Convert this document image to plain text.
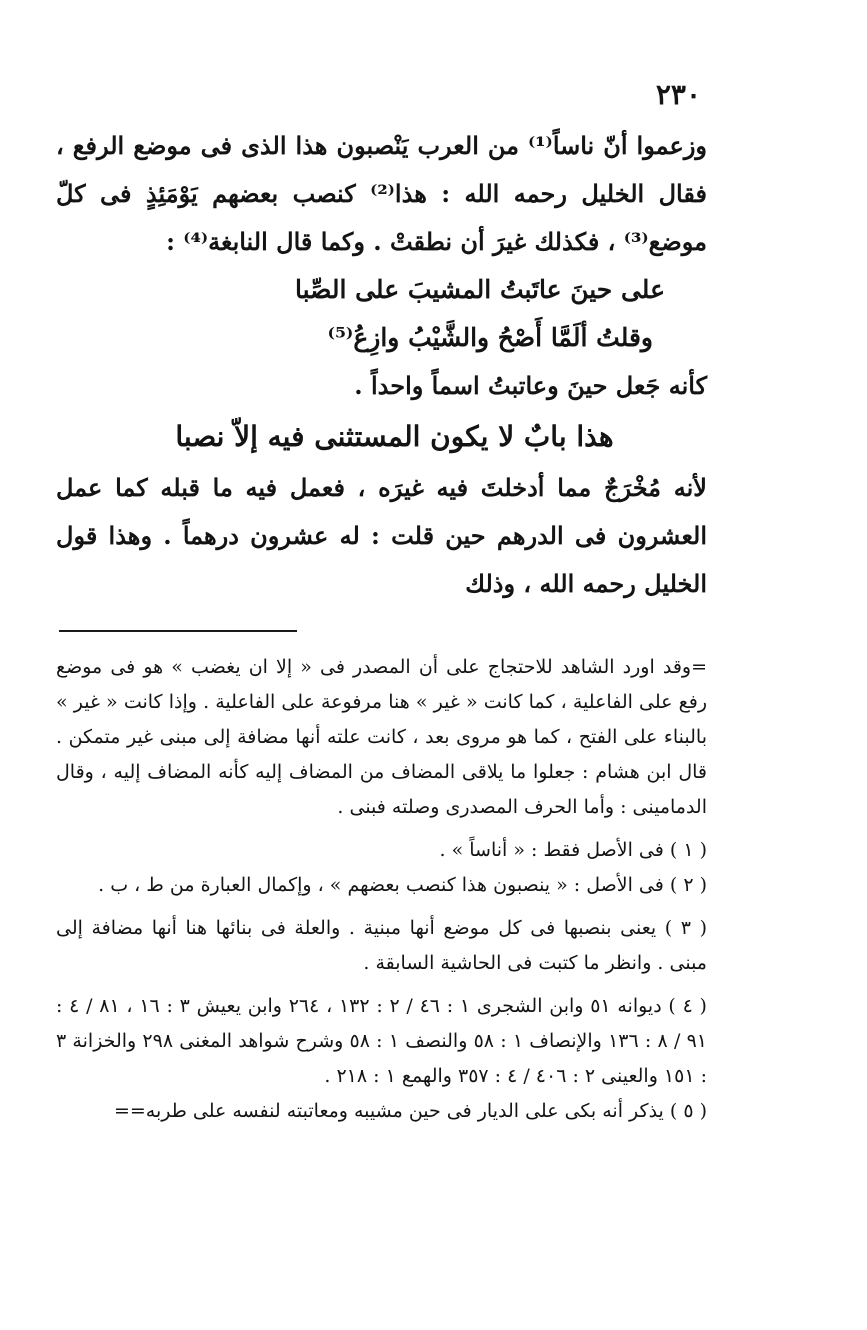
٢٣٠

وزعموا أنّ ناساً⁽¹⁾ من العرب يَنْصبون هذا الذى فى موضع الرفع ، فقال الخليل رحمه الله : هذا⁽²⁾ كنصب بعضهم يَوْمَئِذٍ فى كلّ موضع⁽³⁾ ، فكذلك غيرَ أن نطقتْ . وكما قال النابغة⁽⁴⁾ :

على حينَ عاتَبتُ المشيبَ على الصِّبا

وقلتُ ألَمَّا أَصْحُ والشَّيْبُ وازِعُ⁽⁵⁾

كأنه جَعل حينَ وعاتبتُ اسماً واحداً .

هذا بابٌ لا يكون المستثنى فيه إلاّ نصبا

لأنه مُخْرَجٌ مما أدخلتَ فيه غيرَه ، فعمل فيه ما قبله كما عمل العشرون فى الدرهم حين قلت : له عشرون درهماً . وهذا قول الخليل رحمه الله ، وذلك

=وقد اورد الشاهد للاحتجاج على أن المصدر فى « إلا ان يغضب » هو فى موضع رفع على الفاعلية ، كما كانت « غير » هنا مرفوعة على الفاعلية . وإذا كانت « غير » بالبناء على الفتح ، كما هو مروى بعد ، كانت علته أنها مضافة إلى مبنى غير متمكن . قال ابن هشام : جعلوا ما يلاقى المضاف من المضاف إليه كأنه المضاف إليه ، وقال الدمامينى : وأما الحرف المصدرى وصلته فبنى .

( ١ ) فى الأصل فقط : « أناساً » .

( ٢ ) فى الأصل : « ينصبون هذا كنصب بعضهم » ، وإكمال العبارة من ط ، ب .

( ٣ ) يعنى بنصبها فى كل موضع أنها مبنية . والعلة فى بنائها هنا أنها مضافة إلى مبنى . وانظر ما كتبت فى الحاشية السابقة .

( ٤ ) ديوانه ٥١ وابن الشجرى ١ : ٤٦ / ٢ : ١٣٢ ، ٢٦٤ وابن يعيش ٣ : ١٦ ، ٨١ / ٤ : ٩١ / ٨ : ١٣٦ والإنصاف ١ : ٥٨ والنصف ١ : ٥٨ وشرح شواهد المغنى ٢٩٨ والخزانة ٣ : ١٥١ والعينى ٢ : ٤٠٦ / ٤ : ٣٥٧ والهمع ١ : ٢١٨ .

( ٥ ) يذكر أنه بكى على الديار فى حين مشيبه ومعاتبته لنفسه على طربه==
